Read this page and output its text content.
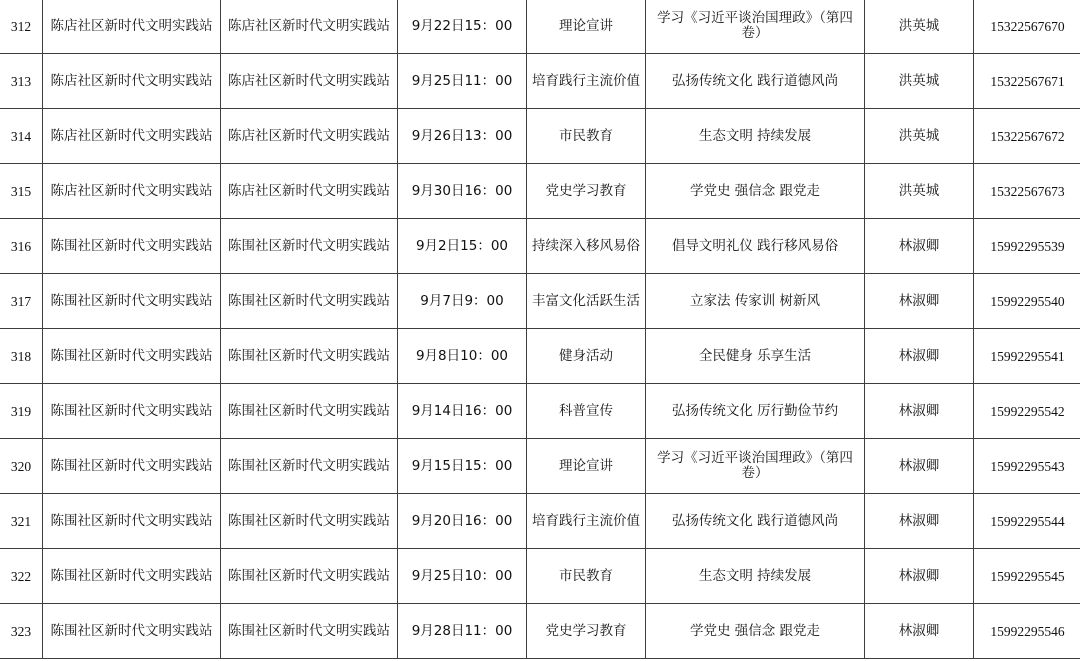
312	陈店社区新时代文明实践站	陈店社区新时代文明实践站	9月22日15：00	理论宣讲	学习《习近平谈治国理政》（第四卷）	洪英城	15322567670
313	陈店社区新时代文明实践站	陈店社区新时代文明实践站	9月25日11：00	培育践行主流价值	弘扬传统文化 践行道德风尚	洪英城	15322567671
314	陈店社区新时代文明实践站	陈店社区新时代文明实践站	9月26日13：00	市民教育	生态文明 持续发展	洪英城	15322567672
315	陈店社区新时代文明实践站	陈店社区新时代文明实践站	9月30日16：00	党史学习教育	学党史 强信念 跟党走	洪英城	15322567673
316	陈围社区新时代文明实践站	陈围社区新时代文明实践站	9月2日15：00	持续深入移风易俗	倡导文明礼仪 践行移风易俗	林淑卿	15992295539
317	陈围社区新时代文明实践站	陈围社区新时代文明实践站	9月7日9：00	丰富文化活跃生活	立家法 传家训 树新风	林淑卿	15992295540
318	陈围社区新时代文明实践站	陈围社区新时代文明实践站	9月8日10：00	健身活动	全民健身 乐享生活	林淑卿	15992295541
319	陈围社区新时代文明实践站	陈围社区新时代文明实践站	9月14日16：00	科普宣传	弘扬传统文化 厉行勤俭节约	林淑卿	15992295542
320	陈围社区新时代文明实践站	陈围社区新时代文明实践站	9月15日15：00	理论宣讲	学习《习近平谈治国理政》（第四卷）	林淑卿	15992295543
321	陈围社区新时代文明实践站	陈围社区新时代文明实践站	9月20日16：00	培育践行主流价值	弘扬传统文化 践行道德风尚	林淑卿	15992295544
322	陈围社区新时代文明实践站	陈围社区新时代文明实践站	9月25日10：00	市民教育	生态文明 持续发展	林淑卿	15992295545
323	陈围社区新时代文明实践站	陈围社区新时代文明实践站	9月28日11：00	党史学习教育	学党史 强信念 跟党走	林淑卿	15992295546
